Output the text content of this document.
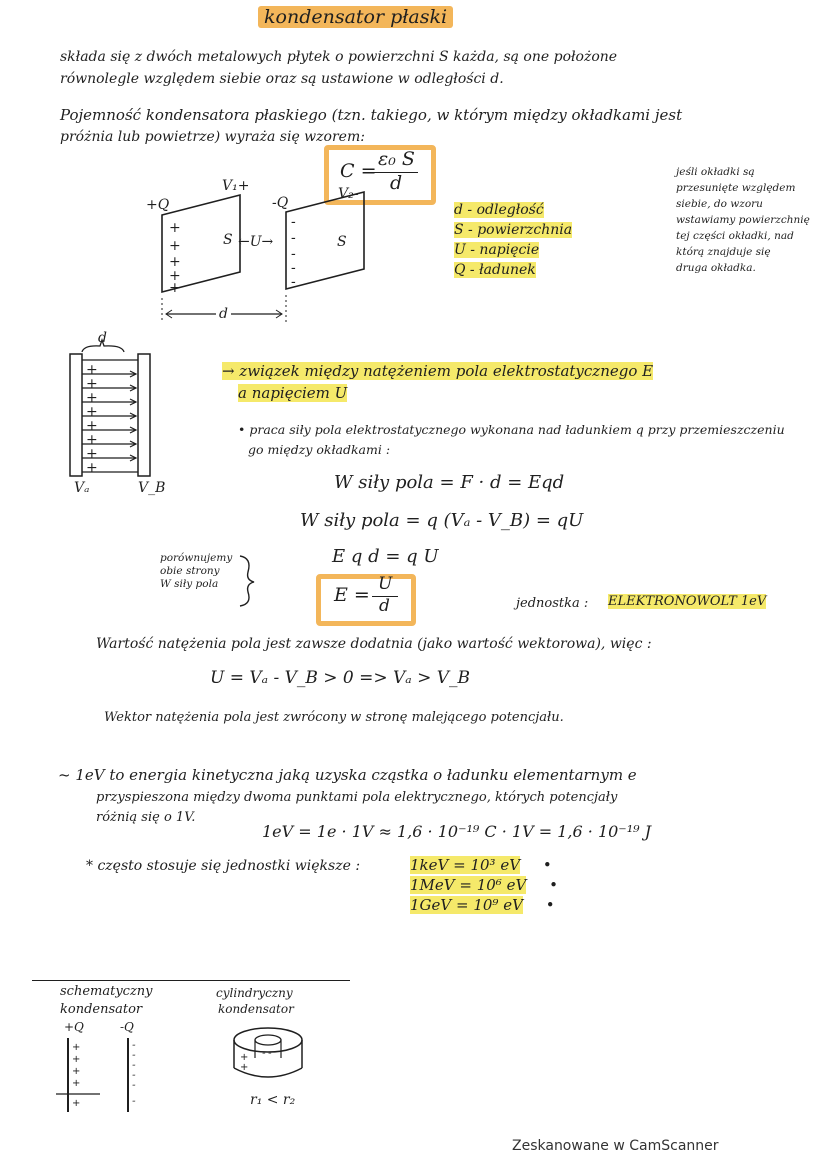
kondensator płaski
składa się z dwóch metalowych płytek o powierzchni S każda, są one położone
równolegle względem siebie oraz są ustawione w odległości d.
Pojemność kondensatora płaskiego (tzn. takiego, w którym między okładkami jest
próżnia lub powietrze) wyraża się wzorem:
C =
ε₀ S
d
+Q	-Q
V₁+	V₂-
S	S
←U→
d
+
+
+
+
+
-
-
-
-
-
d - odległość
S - powierzchnia
U - napięcie
Q - ładunek
jeśli okładki są
przesunięte względem
siebie, do wzoru
wstawiamy powierzchnię
tej części okładki, nad
którą znajduje się
druga okładka.
d
+
+
+
+
+
+
+
+
Vₐ	V_B
→ związek między natężeniem pola elektrostatycznego E
a napięciem U
• praca siły pola elektrostatycznego wykonana nad ładunkiem q przy przemieszczeniu
go między okładkami :
W siły pola = F · d = Eqd
W siły pola = q (Vₐ - V_B) = qU
E q d = q U
porównujemy
obie strony
W siły pola	E = U
d	jednostka : ELEKTRONOWOLT 1eV
Wartość natężenia pola jest zawsze dodatnia (jako wartość wektorowa), więc :
U = Vₐ - V_B > 0 => Vₐ > V_B
Wektor natężenia pola jest zwrócony w stronę malejącego potencjału.
~ 1eV to energia kinetyczna jaką uzyska cząstka o ładunku elementarnym e
przyspieszona między dwoma punktami pola elektrycznego, których potencjały
różnią się o 1V.
1eV = 1e · 1V ≈ 1,6 · 10⁻¹⁹ C · 1V = 1,6 · 10⁻¹⁹ J
* często stosuje się jednostki większe :	1keV = 10³ eV •
1MeV = 10⁶ eV •
1GeV = 10⁹ eV •
schematyczny
kondensator
+Q	-Q
+
+
+
+
+
-
-
-
-
-
-
cylindryczny
kondensator
+
+
- -
r₁ < r₂
Zeskanowane w CamScanner
